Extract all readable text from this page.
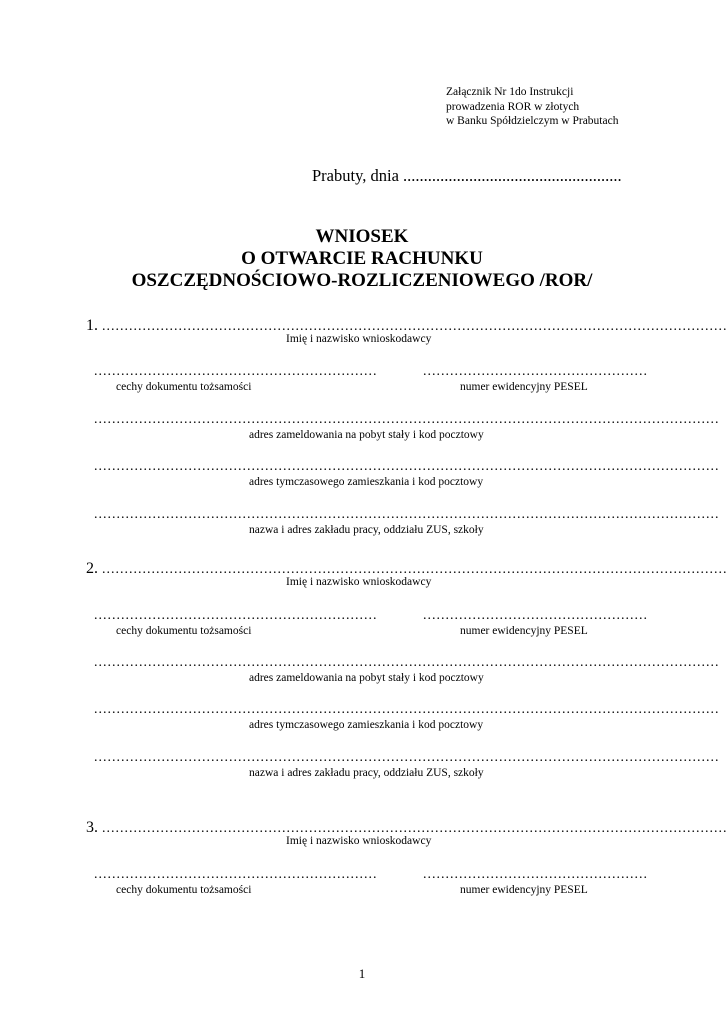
Załącznik Nr 1do Instrukcji
prowadzenia ROR w złotych
w Banku Spółdzielczym w Prabutach
Prabuty, dnia .....................................................
WNIOSEK
O OTWARCIE RACHUNKU
OSZCZĘDNOŚCIOWO-ROZLICZENIOWEGO /ROR/
1. ...........................................................................................................................................
Imię i nazwisko wnioskodawcy
...............................................................	..................................................
cechy dokumentu tożsamości	numer ewidencyjny PESEL
...........................................................................................................................................
adres zameldowania na pobyt stały i kod pocztowy
...........................................................................................................................................
adres tymczasowego zamieszkania i kod pocztowy
...........................................................................................................................................
nazwa i adres zakładu pracy, oddziału ZUS, szkoły
2. ...........................................................................................................................................
Imię i nazwisko wnioskodawcy
...............................................................	..................................................
cechy dokumentu tożsamości	numer ewidencyjny PESEL
...........................................................................................................................................
adres zameldowania na pobyt stały i kod pocztowy
...........................................................................................................................................
adres tymczasowego zamieszkania i kod pocztowy
...........................................................................................................................................
nazwa i adres zakładu pracy, oddziału ZUS, szkoły
3. ...........................................................................................................................................
Imię i nazwisko wnioskodawcy
...............................................................	..................................................
cechy dokumentu tożsamości	numer ewidencyjny PESEL
1
